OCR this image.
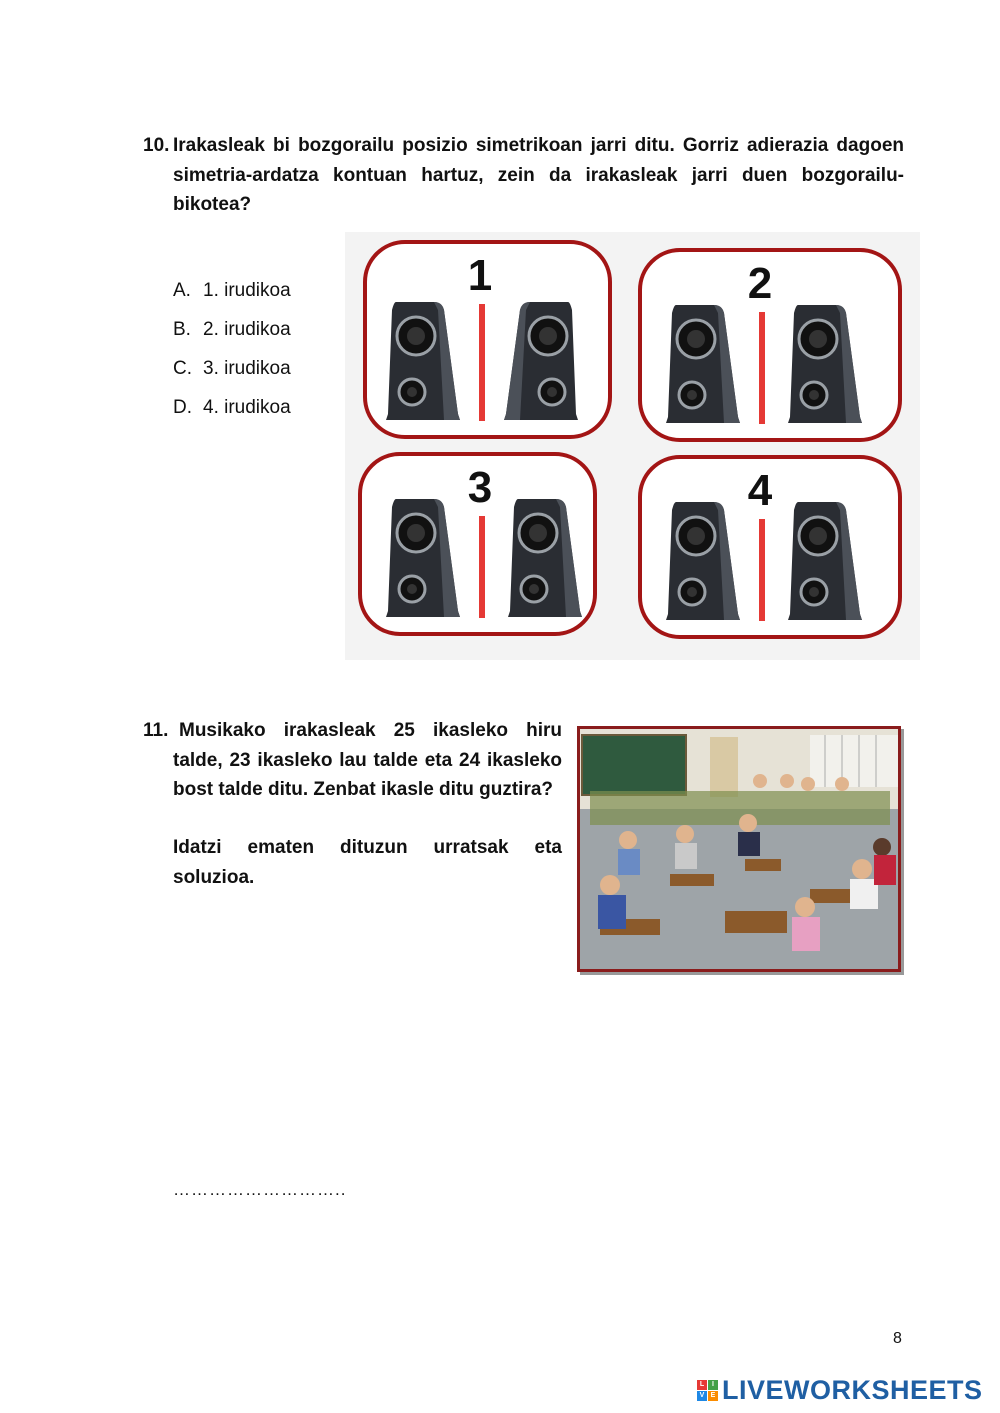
10. Irakasleak bi bozgorailu posizio simetrikoan jarri ditu. Gorriz adierazia dagoen simetria-ardatza kontuan hartuz, zein da irakasleak jarri duen bozgorailu-bikotea?
A. 1. irudikoa
B. 2. irudikoa
C. 3. irudikoa
D. 4. irudikoa
1	2
3	4
11. Musikako irakasleak 25 ikasleko hiru talde, 23 ikasleko lau talde eta 24 ikasleko bost talde ditu. Zenbat ikasle ditu guztira?
Idatzi ematen dituzun urratsak eta soluzioa.
………………………..
8
L	I
V E LIVEWORKSHEETS
